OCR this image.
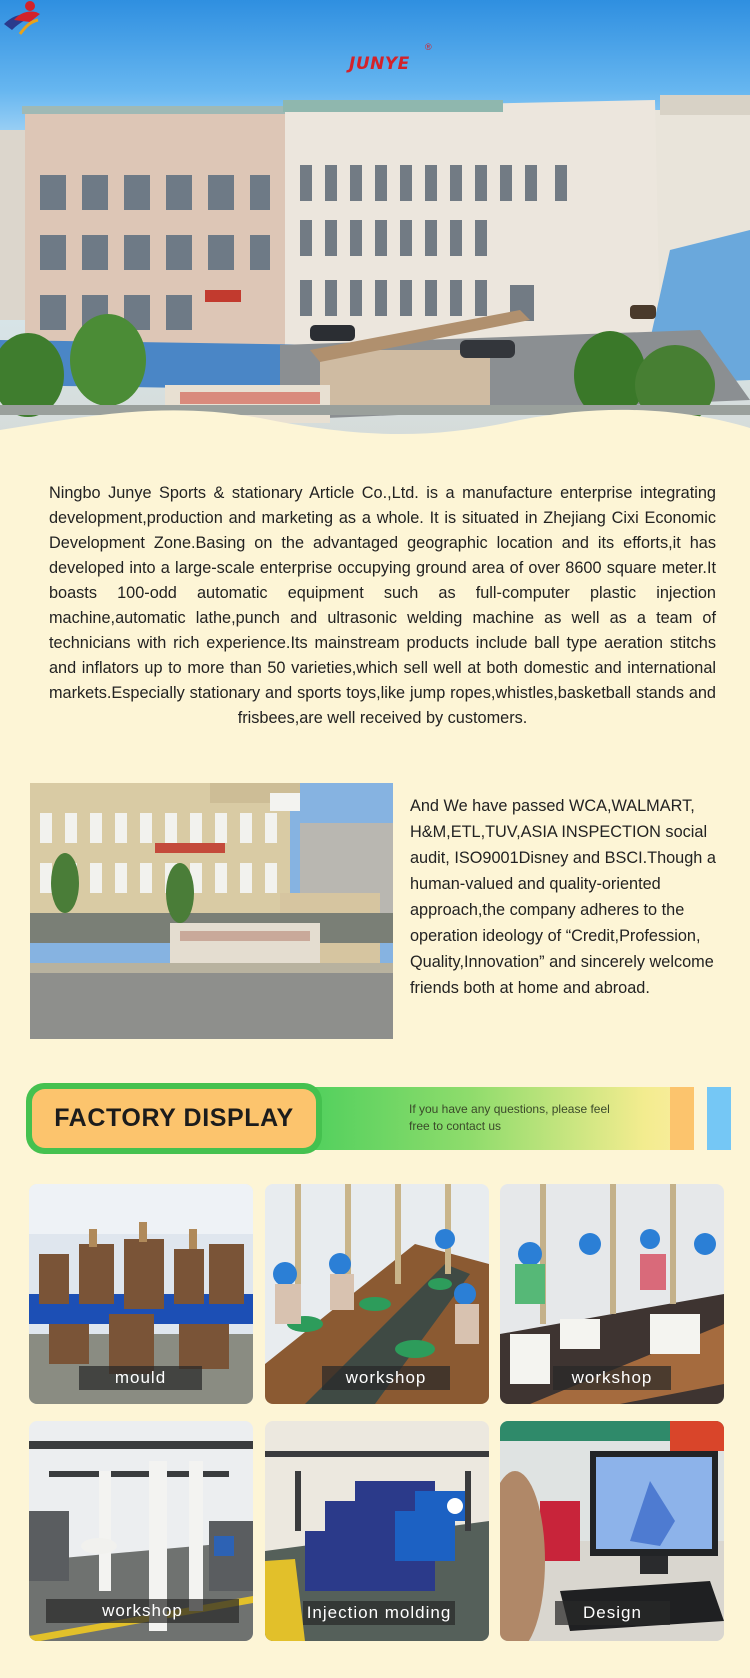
JUNYE
®

Ningbo Junye Sports & stationary Article Co.,Ltd. is a manufacture enterprise integrating development,production and marketing as a whole. It is situated in Zhejiang Cixi Economic Development Zone.Basing on the advantaged geographic location and its efforts,it has developed into a large-scale enterprise occupying ground area of over 8600 square meter.It boasts 100-odd automatic equipment such as full-computer plastic injection machine,automatic lathe,punch and ultrasonic welding machine as well as a team of technicians with rich experience.Its mainstream products include ball type aeration stitchs and inflators up to more than 50 varieties,which sell well at both domestic and international markets.Especially stationary and sports toys,like jump ropes,whistles,basketball stands and frisbees,are well received by customers.

And We have passed WCA,WALMART, H&M,ETL,TUV,ASIA INSPECTION social audit, ISO9001Disney and BSCI.Though a human-valued and quality-oriented approach,the company adheres to the operation ideology of “Credit,Profession, Quality,Innovation” and sincerely welcome friends both at home and abroad.

FACTORY DISPLAY	If you have any questions, please feel free to contact us

mould	workshop	workshop
workshop	Injection molding	Design
